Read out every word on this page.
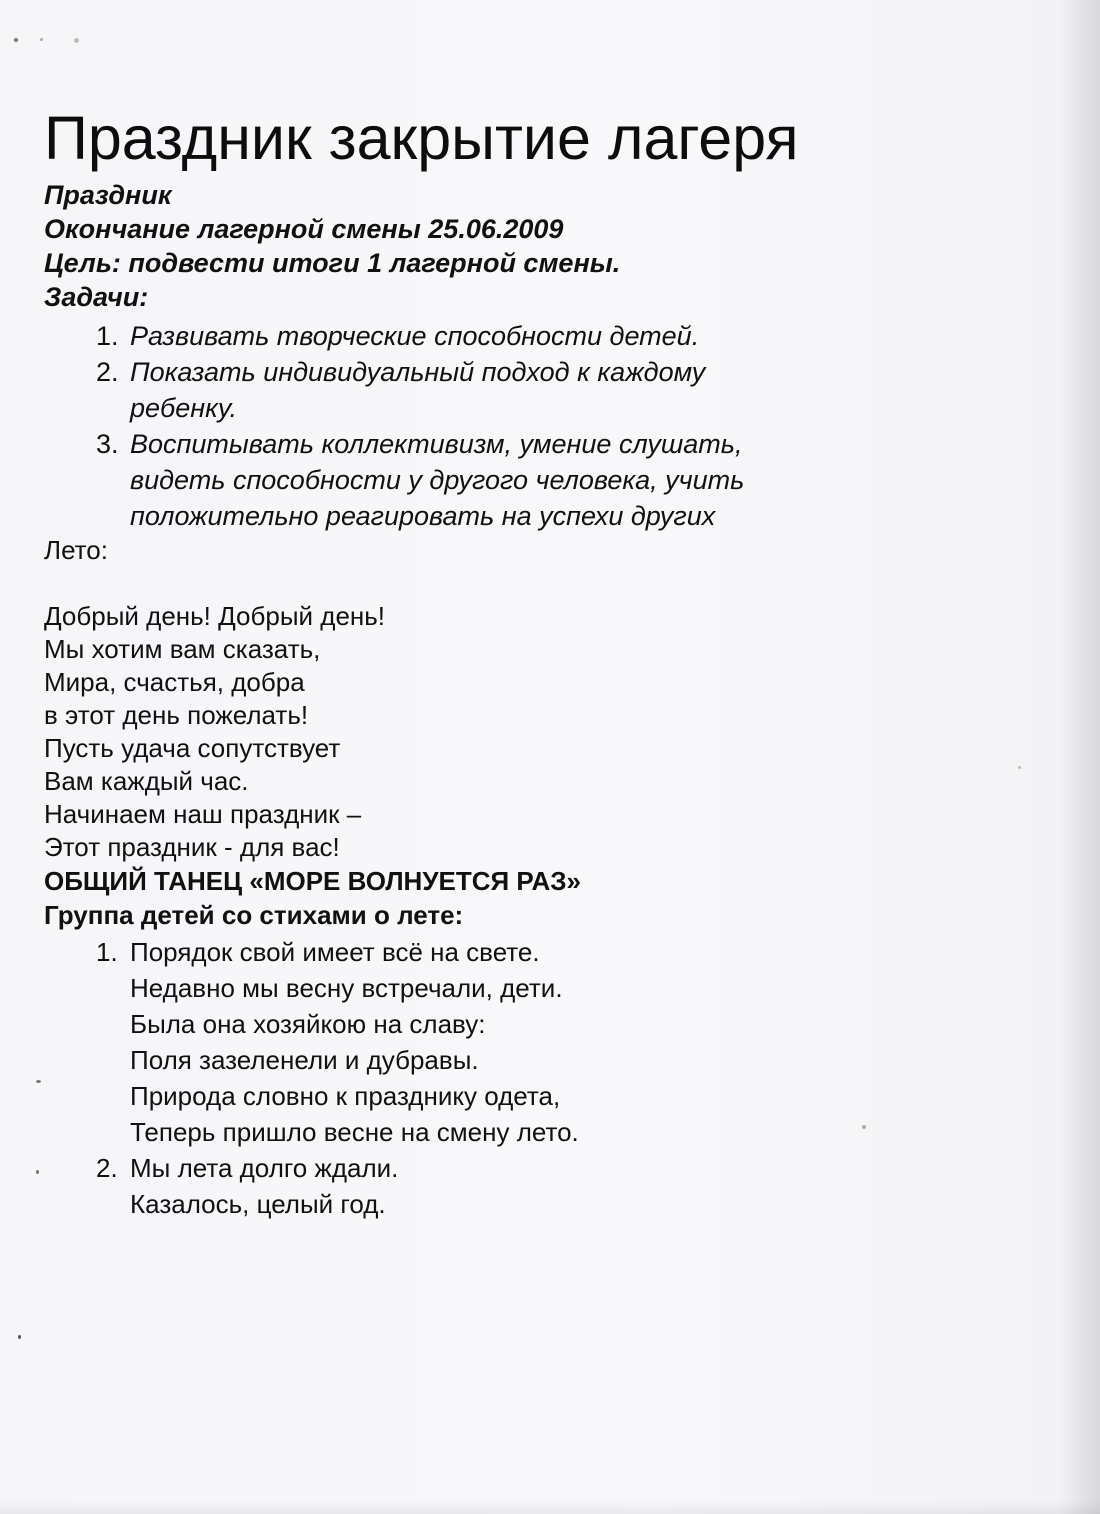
Праздник закрытие лагеря

Праздник

Окончание лагерной смены 25.06.2009

Цель: подвести итоги 1 лагерной смены.

Задачи:

1. Развивать творческие способности детей.
2. Показать индивидуальный подход к каждому ребенку.
3. Воспитывать коллективизм, умение слушать, видеть способности у другого человека, учить положительно реагировать на успехи других

Лето:

Добрый день! Добрый день!

Мы хотим вам сказать,

Мира, счастья, добра

в этот день пожелать!

Пусть удача сопутствует

Вам каждый час.

Начинаем наш праздник –

Этот праздник - для вас!

ОБЩИЙ ТАНЕЦ «МОРЕ ВОЛНУЕТСЯ РАЗ»

Группа детей со стихами о лете:

1. Порядок свой имеет всё на свете.
Недавно мы весну встречали, дети.
Была она хозяйкою на славу:
Поля зазеленели и дубравы.
Природа словно к празднику одета,
Теперь пришло весне на смену лето.
2. Мы лета долго ждали.
Казалось, целый год.
